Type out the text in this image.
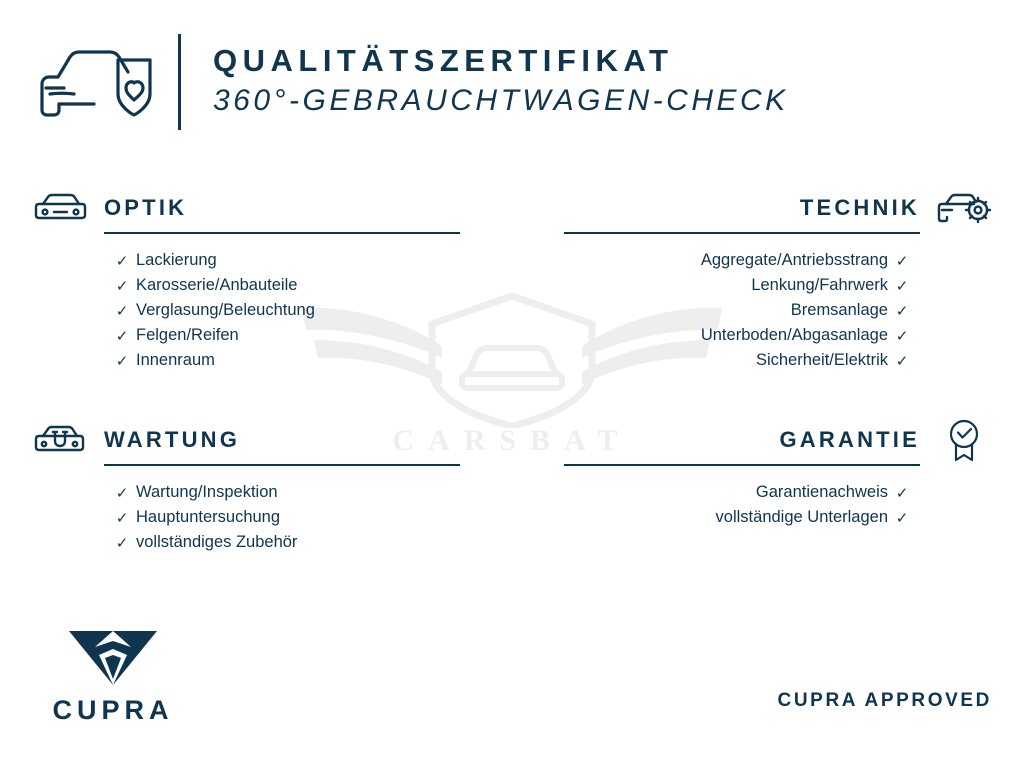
CARSBAT
QUALITÄTSZERTIFIKAT
360°-GEBRAUCHTWAGEN-CHECK
OPTIK
✓ Lackierung
✓ Karosserie/Anbauteile
✓ Verglasung/Beleuchtung
✓ Felgen/Reifen
✓ Innenraum
TECHNIK
✓
Aggregate/Antriebsstrang
✓
Lenkung/Fahrwerk
✓
Bremsanlage
✓
Unterboden/Abgasanlage
✓
Sicherheit/Elektrik
WARTUNG
✓ Wartung/Inspektion
✓ Hauptuntersuchung
✓ vollständiges Zubehör
GARANTIE
✓
Garantienachweis
✓
vollständige Unterlagen
CUPRA	CUPRA APPROVED
